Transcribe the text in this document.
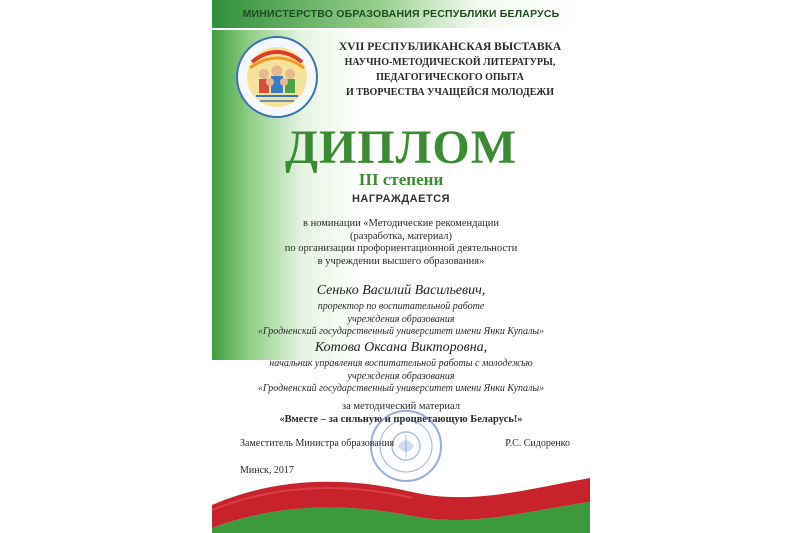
МИНИСТЕРСТВО ОБРАЗОВАНИЯ РЕСПУБЛИКИ БЕЛАРУСЬ
XVII РЕСПУБЛИКАНСКАЯ ВЫСТАВКА
НАУЧНО-МЕТОДИЧЕСКОЙ ЛИТЕРАТУРЫ,
ПЕДАГОГИЧЕСКОГО ОПЫТА
И ТВОРЧЕСТВА УЧАЩЕЙСЯ МОЛОДЕЖИ
ДИПЛОМ
III степени
НАГРАЖДАЕТСЯ
в номинации «Методические рекомендации
(разработка, материал)
по организации профориентационной деятельности
в учреждении высшего образования»
Сенько Василий Васильевич,
проректор по воспитательной работе
учреждения образования
«Гродненский государственный университет имени Янки Купалы»
Котова Оксана Викторовна,
начальник управления воспитательной работы с молодежью
учреждения образования
«Гродненский государственный университет имени Янки Купалы»
за методический материал
«Вместе – за сильную и процветающую Беларусь!»
Заместитель Министра образования	Р.С. Сидоренко
Минск, 2017
